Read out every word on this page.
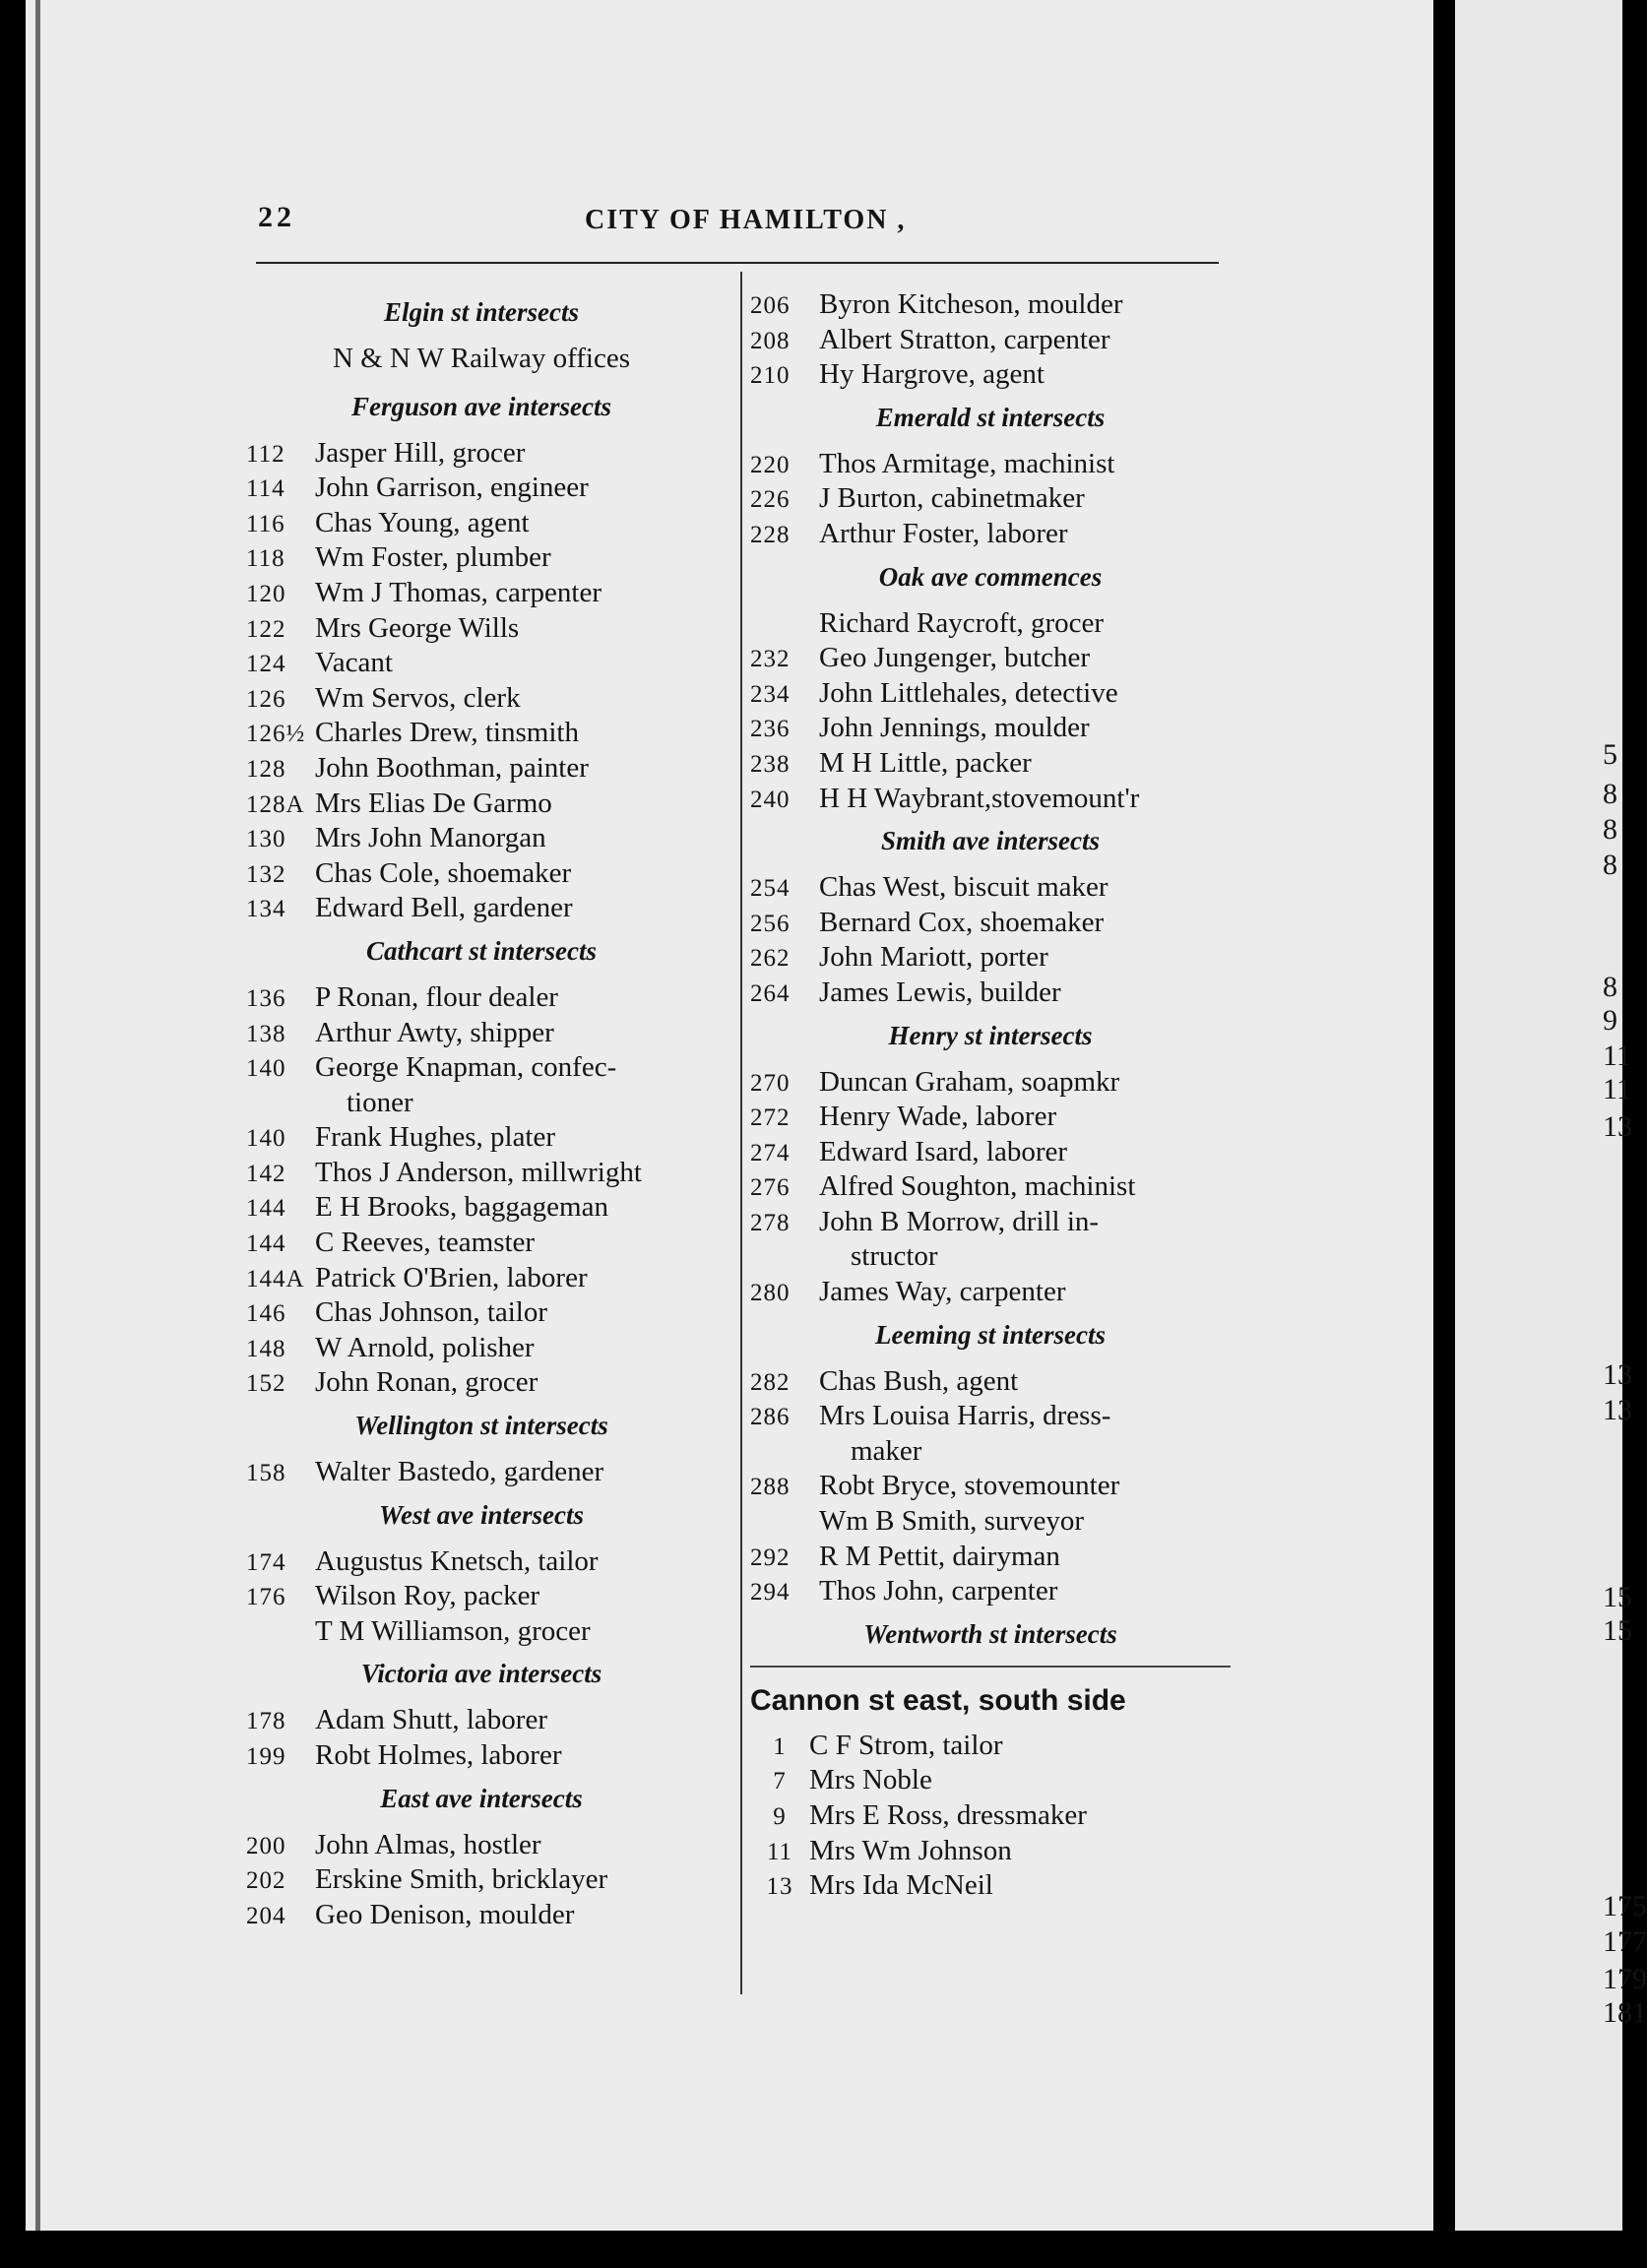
5
8
8
8
8
9
11
11
13
13
13
15
15
175
177
179
181
22	CITY OF HAMILTON ,
Elgin st intersects
N & N W Railway offices
Ferguson ave intersects
112 Jasper Hill, grocer
114 John Garrison, engineer
116 Chas Young, agent
118 Wm Foster, plumber
120 Wm J Thomas, carpenter
122 Mrs George Wills
124 Vacant
126 Wm Servos, clerk
126½ Charles Drew, tinsmith
128 John Boothman, painter
128A Mrs Elias De Garmo
130 Mrs John Manorgan
132 Chas Cole, shoemaker
134 Edward Bell, gardener
Cathcart st intersects
136 P Ronan, flour dealer
138 Arthur Awty, shipper
140 George Knapman, confec-
tioner
140 Frank Hughes, plater
142 Thos J Anderson, millwright
144 E H Brooks, baggageman
144 C Reeves, teamster
144A Patrick O'Brien, laborer
146 Chas Johnson, tailor
148 W Arnold, polisher
152 John Ronan, grocer
Wellington st intersects
158 Walter Bastedo, gardener
West ave intersects
174 Augustus Knetsch, tailor
176 Wilson Roy, packer
T M Williamson, grocer
Victoria ave intersects
178 Adam Shutt, laborer
199 Robt Holmes, laborer
East ave intersects
200 John Almas, hostler
202 Erskine Smith, bricklayer
204 Geo Denison, moulder
206 Byron Kitcheson, moulder
208 Albert Stratton, carpenter
210 Hy Hargrove, agent
Emerald st intersects
220 Thos Armitage, machinist
226 J Burton, cabinetmaker
228 Arthur Foster, laborer
Oak ave commences
Richard Raycroft, grocer
232 Geo Jungenger, butcher
234 John Littlehales, detective
236 John Jennings, moulder
238 M H Little, packer
240 H H Waybrant,stovemount'r
Smith ave intersects
254 Chas West, biscuit maker
256 Bernard Cox, shoemaker
262 John Mariott, porter
264 James Lewis, builder
Henry st intersects
270 Duncan Graham, soapmkr
272 Henry Wade, laborer
274 Edward Isard, laborer
276 Alfred Soughton, machinist
278 John B Morrow, drill in-
structor
280 James Way, carpenter
Leeming st intersects
282 Chas Bush, agent
286 Mrs Louisa Harris, dress-
maker
288 Robt Bryce, stovemounter
Wm B Smith, surveyor
292 R M Pettit, dairyman
294 Thos John, carpenter
Wentworth st intersects
Cannon st east, south side
1 C F Strom, tailor
7 Mrs Noble
9 Mrs E Ross, dressmaker
11 Mrs Wm Johnson
13 Mrs Ida McNeil
